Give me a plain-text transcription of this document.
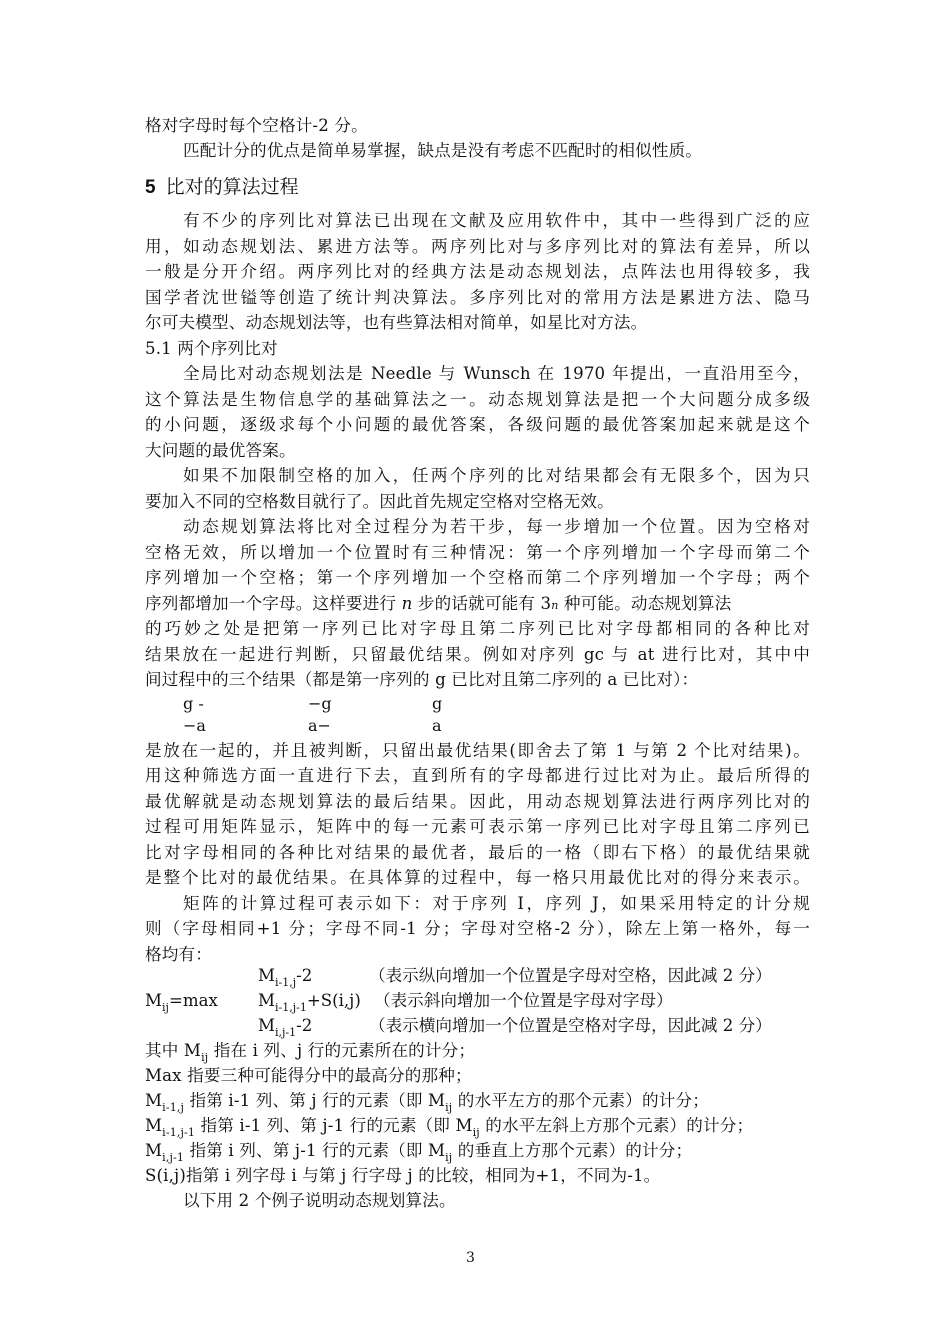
格对字母时每个空格计-2 分。
匹配计分的优点是简单易掌握，缺点是没有考虑不匹配时的相似性质。
5 比对的算法过程
有不少的序列比对算法已出现在文献及应用软件中，其中一些得到广泛的应
用，如动态规划法、累进方法等。两序列比对与多序列比对的算法有差异，所以
一般是分开介绍。两序列比对的经典方法是动态规划法，点阵法也用得较多，我
国学者沈世镒等创造了统计判决算法。多序列比对的常用方法是累进方法、隐马
尔可夫模型、动态规划法等，也有些算法相对简单，如星比对方法。
5.1 两个序列比对
全局比对动态规划法是 Needle 与 Wunsch 在 1970 年提出，一直沿用至今，
这个算法是生物信息学的基础算法之一。动态规划算法是把一个大问题分成多级
的小问题，逐级求每个小问题的最优答案，各级问题的最优答案加起来就是这个
大问题的最优答案。
如果不加限制空格的加入，任两个序列的比对结果都会有无限多个，因为只
要加入不同的空格数目就行了。因此首先规定空格对空格无效。
动态规划算法将比对全过程分为若干步，每一步增加一个位置。因为空格对
空格无效，所以增加一个位置时有三种情况：第一个序列增加一个字母而第二个
序列增加一个空格；第一个序列增加一个空格而第二个序列增加一个字母；两个
序列都增加一个字母。这样要进行 n 步的话就可能有 3n 种可能。动态规划算法
的巧妙之处是把第一序列已比对字母且第二序列已比对字母都相同的各种比对
结果放在一起进行判断，只留最优结果。例如对序列 gc 与 at 进行比对，其中中
间过程中的三个结果（都是第一序列的 g 已比对且第二序列的 a 已比对）：
g -
−a
−g
a−
g
a
是放在一起的，并且被判断，只留出最优结果(即舍去了第 1 与第 2 个比对结果)。
用这种筛选方面一直进行下去，直到所有的字母都进行过比对为止。最后所得的
最优解就是动态规划算法的最后结果。因此，用动态规划算法进行两序列比对的
过程可用矩阵显示，矩阵中的每一元素可表示第一序列已比对字母且第二序列已
比对字母相同的各种比对结果的最优者，最后的一格（即右下格）的最优结果就
是整个比对的最优结果。在具体算的过程中，每一格只用最优比对的得分来表示。
矩阵的计算过程可表示如下：对于序列 I，序列 J，如果采用特定的计分规
则（字母相同+1 分；字母不同-1 分；字母对空格-2 分），除左上第一格外，每一
格均有：
$M_{ij}=\max$
$M_{i-1,j}-2$	（表示纵向增加一个位置是字母对空格，因此减 2 分）
$M_{i-1,j-1}+S(i,j)$ （表示斜向增加一个位置是字母对字母）
$M_{i,j-1}-2$	（表示横向增加一个位置是空格对字母，因此减 2 分）
其中 $M_{ij}$ 指在 i 列、j 行的元素所在的计分；
Max 指要三种可能得分中的最高分的那种；
$M_{i-1,j}$ 指第 i-1 列、第 j 行的元素（即 $M_{ij}$ 的水平左方的那个元素）的计分；
$M_{i-1,j-1}$ 指第 i-1 列、第 j-1 行的元素（即 $M_{ij}$ 的水平左斜上方那个元素）的计分；
$M_{i,j-1}$ 指第 i 列、第 j-1 行的元素（即 $M_{ij}$ 的垂直上方那个元素）的计分；
S(i,j)指第 i 列字母 i 与第 j 行字母 j 的比较，相同为+1，不同为-1。
以下用 2 个例子说明动态规划算法。
3
